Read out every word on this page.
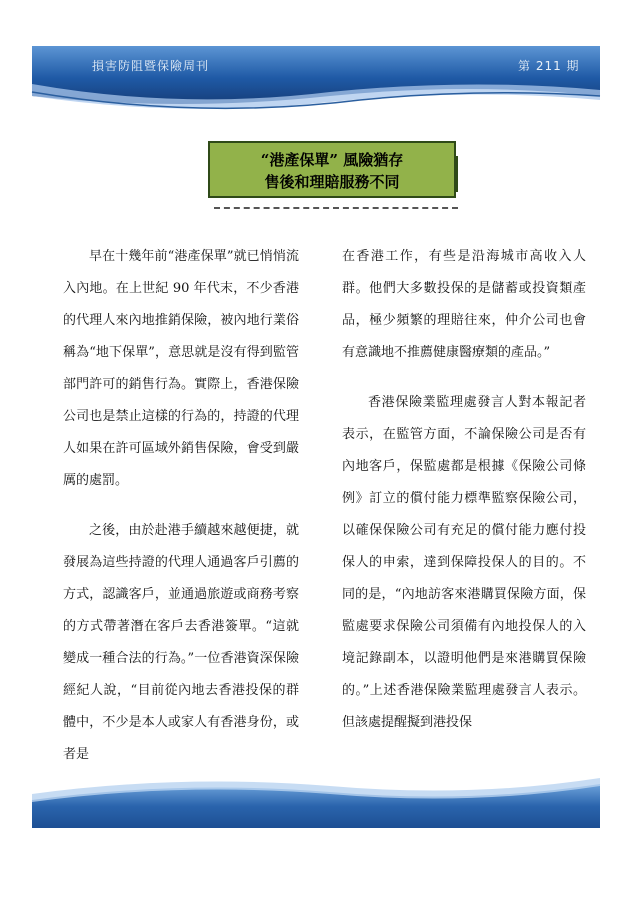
損害防阻暨保險周刊	第 211 期
“港產保單” 風險猶存
售後和理賠服務不同

早在十幾年前“港產保單”就已悄悄流入內地。在上世紀 90 年代末，不少香港的代理人來內地推銷保險，被內地行業俗稱為“地下保單”，意思就是沒有得到監管部門許可的銷售行為。實際上，香港保險公司也是禁止這樣的行為的，持證的代理人如果在許可區域外銷售保險，會受到嚴厲的處罰。

之後，由於赴港手續越來越便捷，就發展為這些持證的代理人通過客戶引薦的方式，認識客戶，並通過旅遊或商務考察的方式帶著潛在客戶去香港簽單。“這就變成一種合法的行為。”一位香港資深保險經紀人說，“目前從內地去香港投保的群體中，不少是本人或家人有香港身份，或者是

在香港工作，有些是沿海城市高收入人群。他們大多數投保的是儲蓄或投資類產品，極少頻繁的理賠往來，仲介公司也會有意識地不推薦健康醫療類的產品。”

香港保險業監理處發言人對本報記者表示，在監管方面，不論保險公司是否有內地客戶，保監處都是根據《保險公司條例》訂立的償付能力標準監察保險公司，以確保保險公司有充足的償付能力應付投保人的申索，達到保障投保人的目的。不同的是，“內地訪客來港購買保險方面，保監處要求保險公司須備有內地投保人的入境記錄副本，以證明他們是來港購買保險的。”上述香港保險業監理處發言人表示。但該處提醒擬到港投保
